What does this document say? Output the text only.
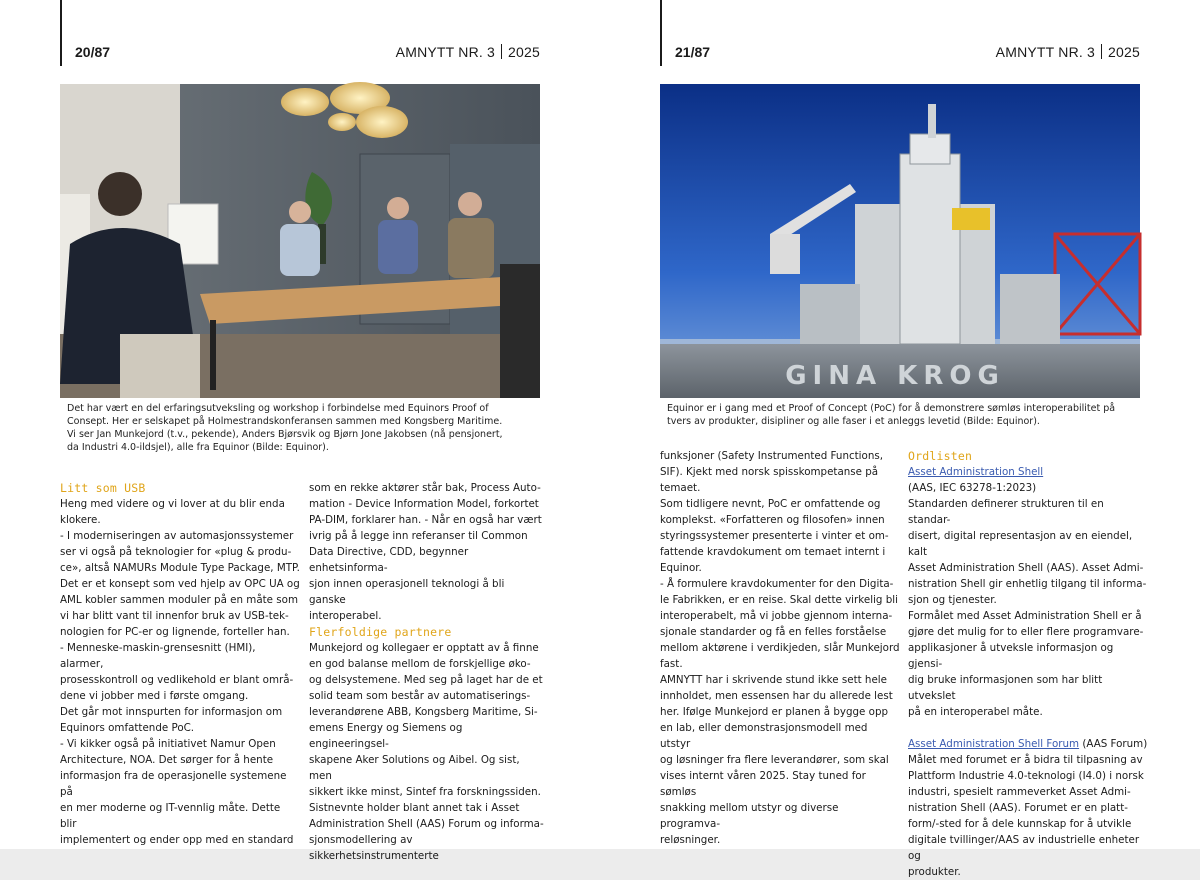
20/87	AMNYTT NR. 3 2025
Det har vært en del erfaringsutveksling og workshop i forbindelse med Equinors Proof of
Consept. Her er selskapet på Holmestrandskonferansen sammen med Kongsberg Maritime.
Vi ser Jan Munkejord (t.v., pekende), Anders Bjørsvik og Bjørn Jone Jakobsen (nå pensjonert,
da Industri 4.0-ildsjel), alle fra Equinor (Bilde: Equinor).

Litt som USB

Heng med videre og vi lover at du blir enda

klokere.

- I moderniseringen av automasjonssystemer

ser vi også på teknologier for «plug & produ-

ce», altså NAMURs Module Type Package, MTP.

Det er et konsept som ved hjelp av OPC UA og

AML kobler sammen moduler på en måte som

vi har blitt vant til innenfor bruk av USB-tek-

nologien for PC-er og lignende, forteller han.

- Menneske-maskin-grensesnitt (HMI), alarmer,

prosesskontroll og vedlikehold er blant områ-

dene vi jobber med i første omgang.

Det går mot innspurten for informasjon om

Equinors omfattende PoC.

- Vi kikker også på initiativet Namur Open

Architecture, NOA. Det sørger for å hente

informasjon fra de operasjonelle systemene på

en mer moderne og IT-vennlig måte. Dette blir

implementert og ender opp med en standard

som en rekke aktører står bak, Process Auto-

mation - Device Information Model, forkortet

PA-DIM, forklarer han. - Når en også har vært

ivrig på å legge inn referanser til Common

Data Directive, CDD, begynner enhetsinforma-

sjon innen operasjonell teknologi å bli ganske

interoperabel.

Flerfoldige partnere

Munkejord og kollegaer er opptatt av å finne

en god balanse mellom de forskjellige øko-

og delsystemene. Med seg på laget har de et

solid team som består av automatiserings-

leverandørene ABB, Kongsberg Maritime, Si-

emens Energy og Siemens og engineeringsel-

skapene Aker Solutions og Aibel. Og sist, men

sikkert ikke minst, Sintef fra forskningssiden.

Sistnevnte holder blant annet tak i Asset

Administration Shell (AAS) Forum og informa-

sjonsmodellering av sikkerhetsinstrumenterte

21/87	AMNYTT NR. 3 2025
GINA KROG
Equinor er i gang med et Proof of Concept (PoC) for å demonstrere sømløs interoperabilitet på
tvers av produkter, disipliner og alle faser i et anleggs levetid (Bilde: Equinor).

funksjoner (Safety Instrumented Functions,

SIF). Kjekt med norsk spisskompetanse på

temaet.

Som tidligere nevnt, PoC er omfattende og

komplekst. «Forfatteren og filosofen» innen

styringssystemer presenterte i vinter et om-

fattende kravdokument om temaet internt i

Equinor.

- Å formulere kravdokumenter for den Digita-

le Fabrikken, er en reise. Skal dette virkelig bli

interoperabelt, må vi jobbe gjennom interna-

sjonale standarder og få en felles forståelse

mellom aktørene i verdikjeden, slår Munkejord

fast.

AMNYTT har i skrivende stund ikke sett hele

innholdet, men essensen har du allerede lest

her. Ifølge Munkejord er planen å bygge opp

en lab, eller demonstrasjonsmodell med utstyr

og løsninger fra flere leverandører, som skal

vises internt våren 2025. Stay tuned for sømløs

snakking mellom utstyr og diverse programva-

reløsninger.

Ordlisten

Asset Administration Shell

(AAS, IEC 63278-1:2023)

Standarden definerer strukturen til en standar-

disert, digital representasjon av en eiendel, kalt

Asset Administration Shell (AAS). Asset Admi-

nistration Shell gir enhetlig tilgang til informa-

sjon og tjenester.

Formålet med Asset Administration Shell er å

gjøre det mulig for to eller flere programvare-

applikasjoner å utveksle informasjon og gjensi-

dig bruke informasjonen som har blitt utvekslet

på en interoperabel måte.

Asset Administration Shell Forum (AAS Forum)

Målet med forumet er å bidra til tilpasning av

Plattform Industrie 4.0-teknologi (I4.0) i norsk

industri, spesielt rammeverket Asset Admi-

nistration Shell (AAS). Forumet er en platt-

form/-sted for å dele kunnskap for å utvikle

digitale tvillinger/AAS av industrielle enheter og

produkter.
